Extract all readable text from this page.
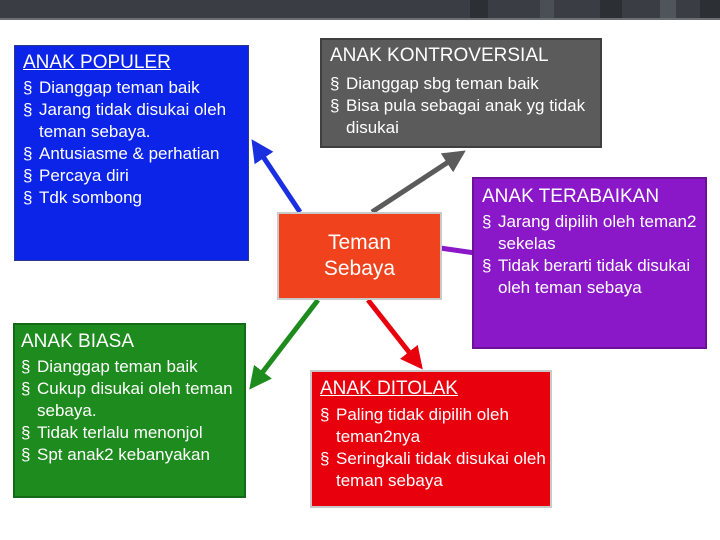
ANAK POPULER
§ Dianggap teman baik
§ Jarang tidak disukai oleh teman sebaya.
§ Antusiasme & perhatian
§ Percaya diri
§ Tdk sombong
ANAK KONTROVERSIAL
§ Dianggap sbg teman baik
§ Bisa pula sebagai anak yg tidak disukai
Teman
Sebaya
ANAK TERABAIKAN
§ Jarang dipilih oleh teman2 sekelas
§ Tidak berarti tidak disukai oleh teman sebaya
ANAK BIASA
§ Dianggap teman baik
§ Cukup disukai oleh teman sebaya.
§ Tidak terlalu menonjol
§ Spt anak2 kebanyakan
ANAK DITOLAK
§ Paling tidak dipilih oleh teman2nya
§ Seringkali tidak disukai oleh teman sebaya
